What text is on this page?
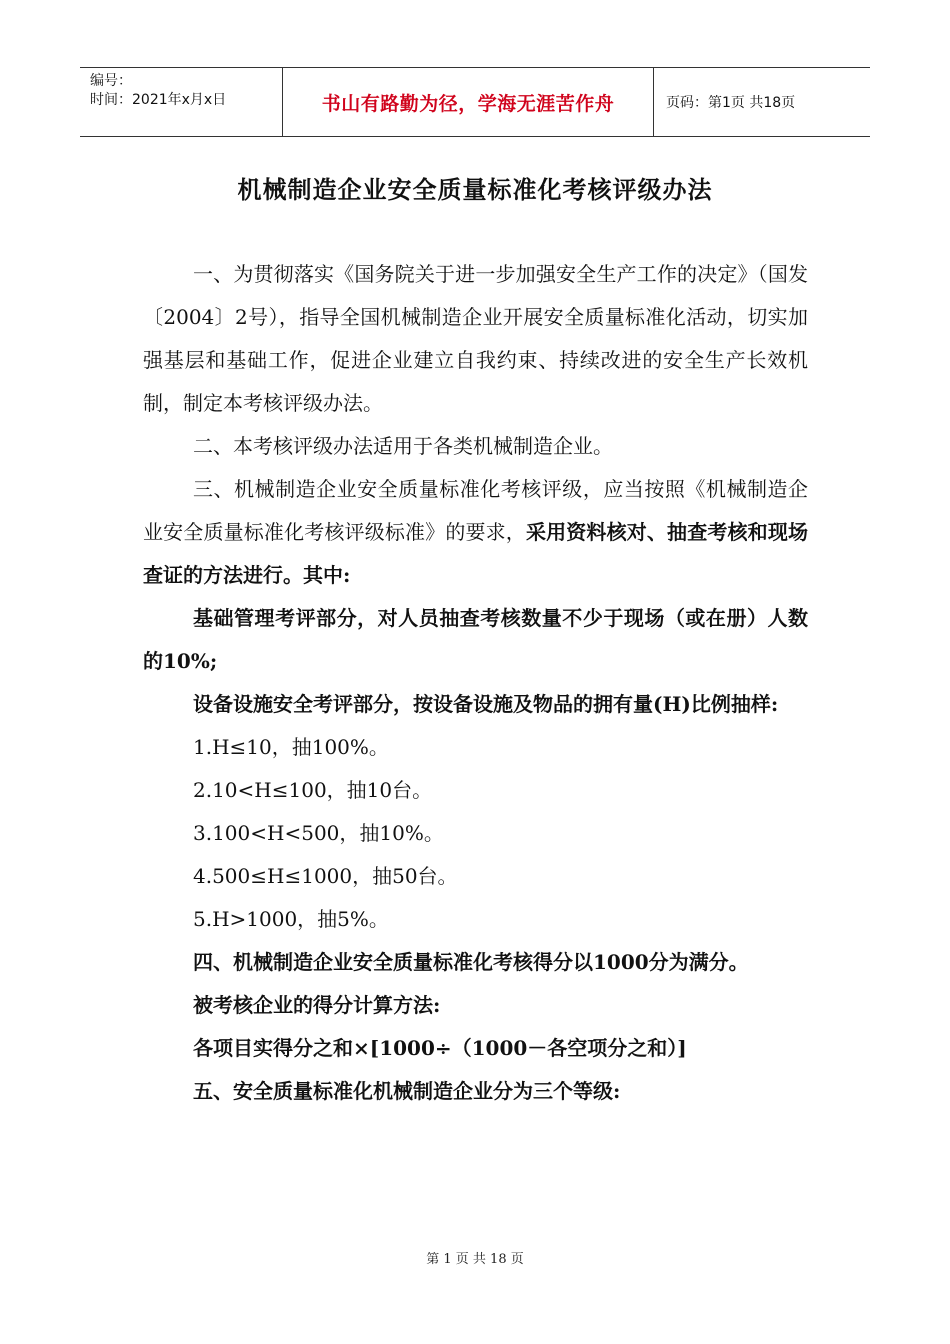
编号：
时间：2021年x月x日	书山有路勤为径，学海无涯苦作舟	页码：第1页 共18页
机械制造企业安全质量标准化考核评级办法

一、为贯彻落实《国务院关于进一步加强安全生产工作的决定》（国发〔2004〕2号），指导全国机械制造企业开展安全质量标准化活动，切实加强基层和基础工作，促进企业建立自我约束、持续改进的安全生产长效机制，制定本考核评级办法。

二、本考核评级办法适用于各类机械制造企业。

三、机械制造企业安全质量标准化考核评级，应当按照《机械制造企业安全质量标准化考核评级标准》的要求，采用资料核对、抽查考核和现场查证的方法进行。其中:

基础管理考评部分，对人员抽查考核数量不少于现场（或在册）人数的10%;

设备设施安全考评部分，按设备设施及物品的拥有量(H)比例抽样:

1.H≤10，抽100%。

2.10<H≤100，抽10台。

3.100<H<500，抽10%。

4.500≤H≤1000，抽50台。

5.H>1000，抽5%。

四、机械制造企业安全质量标准化考核得分以1000分为满分。

被考核企业的得分计算方法:

各项目实得分之和×[1000÷（1000－各空项分之和）]

五、安全质量标准化机械制造企业分为三个等级:

第 1 页 共 18 页
